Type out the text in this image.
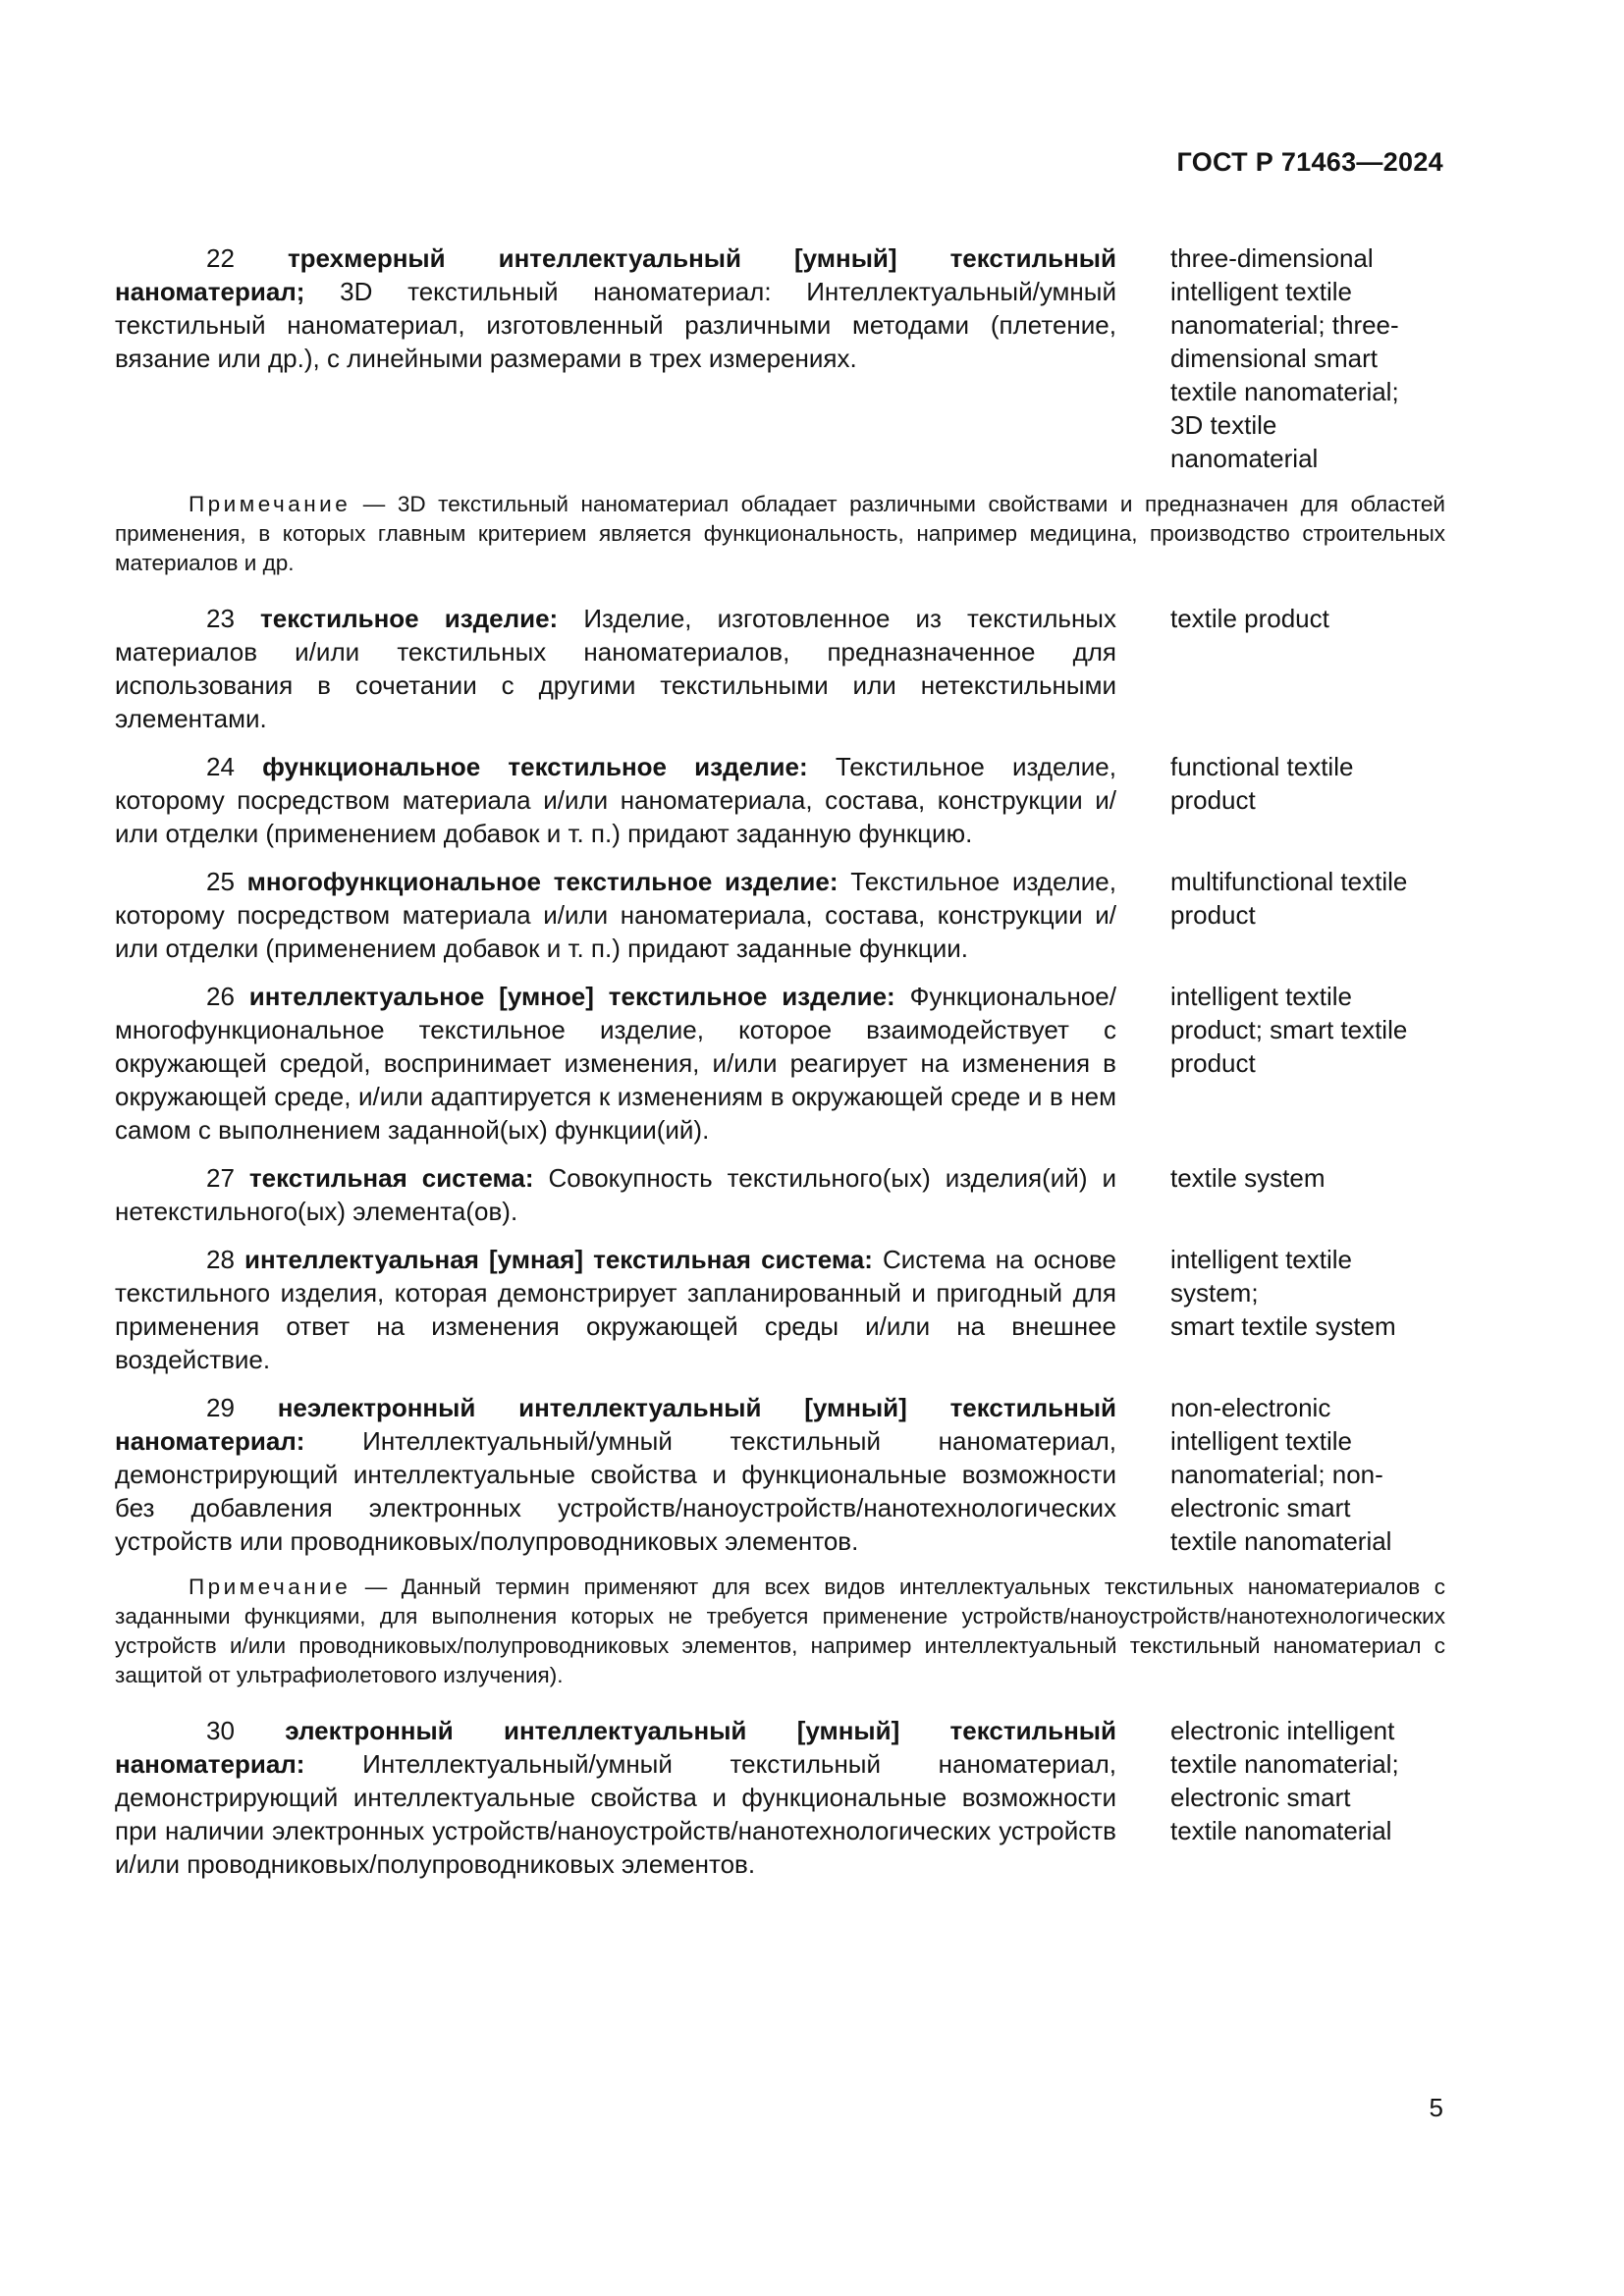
ГОСТ Р 71463—2024
22 трехмерный интеллектуальный [умный] текстильный наноматериал; 3D текстильный наноматериал: Интеллектуальный/умный текстильный наноматериал, изготовленный различными методами (плетение, вязание или др.), с линейными размерами в трех измерениях.
three-dimensional
intelligent textile
nanomaterial; three-
dimensional smart
textile nanomaterial;
3D textile
nanomaterial
Примечание — 3D текстильный наноматериал обладает различными свойствами и предназначен для областей применения, в которых главным критерием является функциональность, например медицина, производство строительных материалов и др.
23 текстильное изделие: Изделие, изготовленное из текстильных материалов и/или текстильных наноматериалов, предназначенное для использования в сочетании с другими текстильными или нетекстильными элементами.
textile product
24 функциональное текстильное изделие: Текстильное изделие, которому посредством материала и/или наноматериала, состава, конструкции и/или отделки (применением добавок и т. п.) придают заданную функцию.
functional textile
product
25 многофункциональное текстильное изделие: Текстильное изделие, которому посредством материала и/или наноматериала, состава, конструкции и/или отделки (применением добавок и т. п.) придают заданные функции.
multifunctional textile
product
26 интеллектуальное [умное] текстильное изделие: Функциональное/многофункциональное текстильное изделие, которое взаимодействует с окружающей средой, воспринимает изменения, и/или реагирует на изменения в окружающей среде, и/или адаптируется к изменениям в окружающей среде и в нем самом с выполнением заданной(ых) функции(ий).
intelligent textile
product; smart textile
product
27 текстильная система: Совокупность текстильного(ых) изделия(ий) и нетекстильного(ых) элемента(ов).
textile system
28 интеллектуальная [умная] текстильная система: Система на основе текстильного изделия, которая демонстрирует запланированный и пригодный для применения ответ на изменения окружающей среды и/или на внешнее воздействие.
intelligent textile
system;
smart textile system
29 неэлектронный интеллектуальный [умный] текстильный наноматериал: Интеллектуальный/умный текстильный наноматериал, демонстрирующий интеллектуальные свойства и функциональные возможности без добавления электронных устройств/наноустройств/нанотехнологических устройств или проводниковых/полупроводниковых элементов.
non-electronic
intelligent textile
nanomaterial; non-
electronic smart
textile nanomaterial
Примечание — Данный термин применяют для всех видов интеллектуальных текстильных наноматериалов с заданными функциями, для выполнения которых не требуется применение устройств/наноустройств/нанотехнологических устройств и/или проводниковых/полупроводниковых элементов, например интеллектуальный текстильный наноматериал с защитой от ультрафиолетового излучения).
30 электронный интеллектуальный [умный] текстильный наноматериал: Интеллектуальный/умный текстильный наноматериал, демонстрирующий интеллектуальные свойства и функциональные возможности при наличии электронных устройств/наноустройств/нанотехнологических устройств и/или проводниковых/полупроводниковых элементов.
electronic intelligent
textile nanomaterial;
electronic smart
textile nanomaterial
5
